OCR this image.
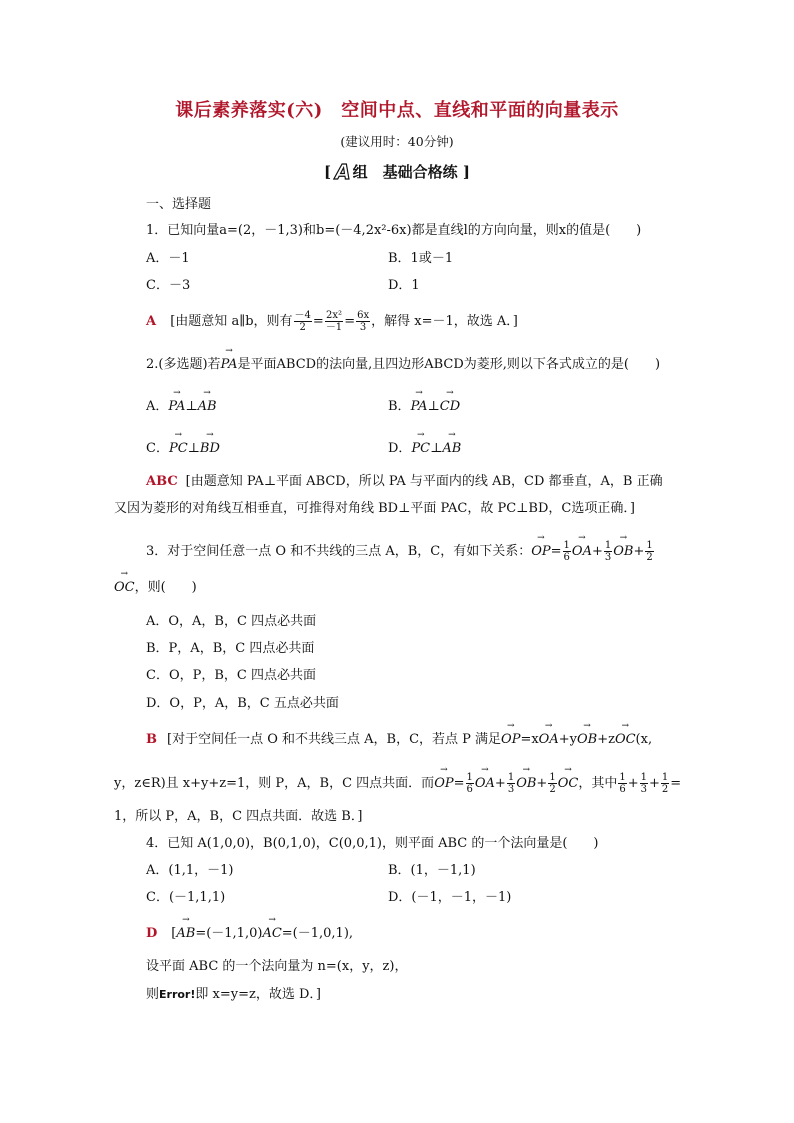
课后素养落实(六)　空间中点、直线和平面的向量表示
(建议用时：40分钟)
[ A 组　基础合格练 ]
一、选择题
1．已知向量a=(2，－1,3)和b=(－4,2x²-6x)都是直线l的方向向量，则x的值是(　　)
A．－1	B．1或－1
C．－3	D．1
A [由题意知 a∥b，则有 $\frac{-4}{2} = \frac{\text{2x²}}{-1} = \frac{6x}{3}$ ，解得 x=－1，故选 A．]
2.(多选题)若→ PA是平面ABCD的法向量,且四边形ABCD为菱形,则以下各式成立的是(　　)
A．→ PA⊥→ AB	B．→ PA⊥→ CD
C．→ PC⊥→ BD	D．→ PC⊥→ AB
ABC [由题意知 PA⊥平面 ABCD，所以 PA 与平面内的线 AB，CD 都垂直，A，B 正确
又因为菱形的对角线互相垂直，可推得对角线 BD⊥平面 PAC，故 PC⊥BD，C选项正确．]
3．对于空间任意一点 O 和不共线的三点 A，B，C，有如下关系：→ $OP= \frac{1}{6}$
→ $OA+ \frac{1}{3}$
→ $OB+ \frac{1}{2}$
→ OC，则(　　)
A．O，A，B，C 四点必共面
B．P，A，B，C 四点必共面
C．O，P，B，C 四点必共面
D．O，P，A，B，C 五点必共面
B [对于空间任一点 O 和不共线三点 A，B，C，若点 P 满足→ OP=x→ OA+y→ OB+z→ OC(x,
y，z∈R)且 x+y+z=1，则 P，A，B，C 四点共面．而→ $OP= \frac{1}{6}$
→ $OA+ \frac{1}{3}$
→ $OB+ \frac{1}{2}$
→ OC，其中 $\frac{1}{6} + \frac{1}{3} + \frac{1}{2}$ =
1，所以 P，A，B，C 四点共面．故选 B．]
4．已知 A(1,0,0)，B(0,1,0)，C(0,0,1)，则平面 ABC 的一个法向量是(　　)
A．(1,1，－1)	B．(1，－1,1)
C．(－1,1,1)	D．(－1，－1，－1)
D [→ AB=(－1,1,0)→ AC=(－1,0,1),
设平面 ABC 的一个法向量为 n=(x，y，z)，
则Error!即 x=y=z，故选 D．]
